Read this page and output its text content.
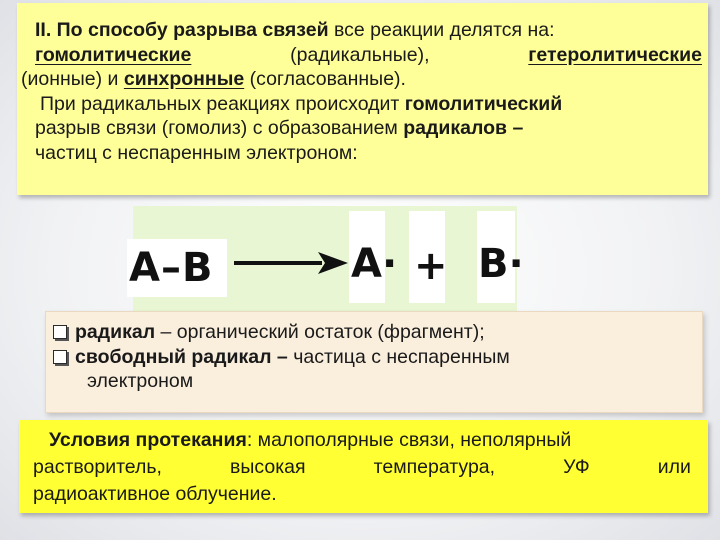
II. По способу разрыва связей все реакции делятся на:
гомолитические	(радикальные),	гетеролитические
(ионные) и синхронные (согласованные).
При радикальных реакциях происходит гомолитический
разрыв связи (гомолиз) с образованием радикалов –
частиц с неспаренным электроном:
A–B	A· + B·
радикал – органический остаток (фрагмент);
свободный радикал – частица с неспаренным
электроном
Условия протекания: малополярные связи, неполярный
растворитель,	высокая	температура,	УФ	или
радиоактивное облучение.
